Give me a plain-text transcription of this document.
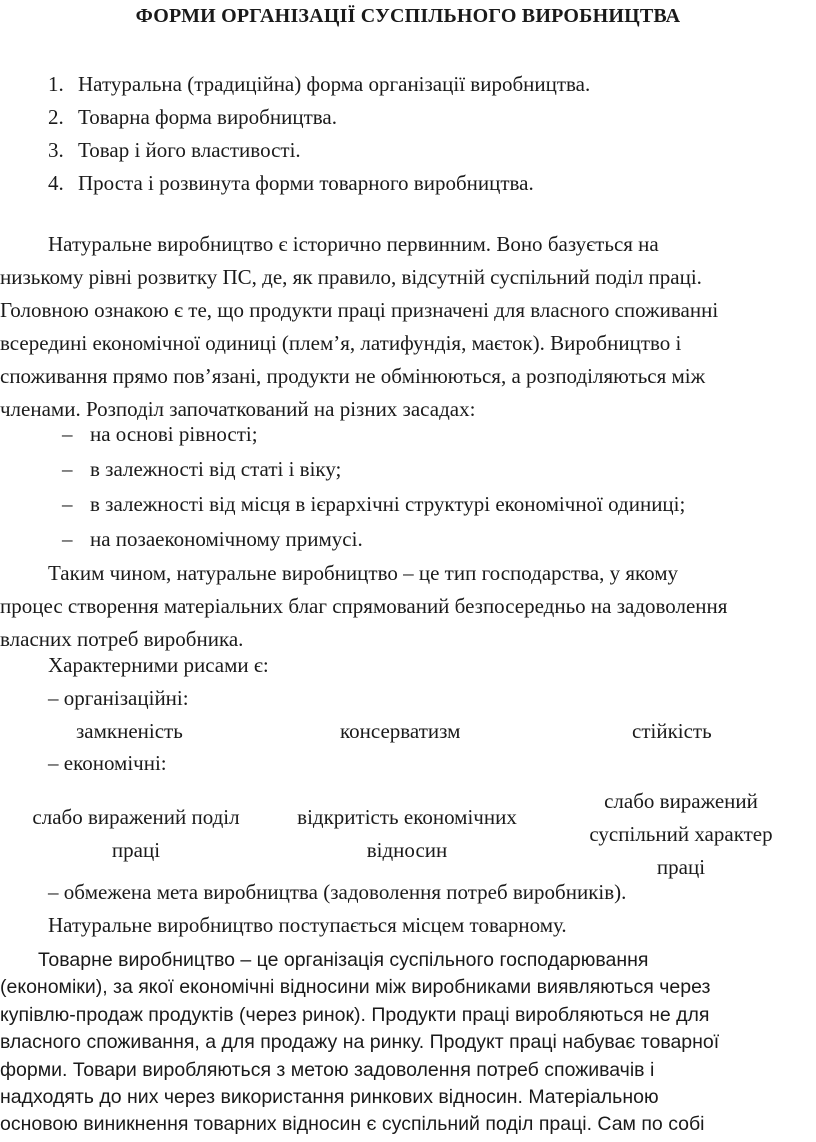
ФОРМИ ОРГАНІЗАЦІЇ СУСПІЛЬНОГО ВИРОБНИЦТВА
1. Натуральна (традиційна) форма організації виробництва.
2. Товарна форма виробництва.
3. Товар і його властивості.
4. Проста і розвинута форми товарного виробництва.
Натуральне виробництво є історично первинним. Воно базується на
низькому рівні розвитку ПС, де, як правило, відсутній суспільний поділ праці.
Головною ознакою є те, що продукти праці призначені для власного споживанні
всередині економічної одиниці (плем’я, латифундія, маєток). Виробництво і
споживання прямо пов’язані, продукти не обмінюються, а розподіляються між
членами. Розподіл започаткований на різних засадах:
– на основі рівності;
– в залежності від статі і віку;
– в залежності від місця в ієрархічні структурі економічної одиниці;
– на позаекономічному примусі.
Таким чином, натуральне виробництво – це тип господарства, у якому
процес створення матеріальних благ спрямований безпосередньо на задоволення
власних потреб виробника.
Характерними рисами є:
– організаційні:
замкненість	консерватизм	стійкість
– економічні:
слабо виражений поділ
праці
відкритість економічних
відносин
слабо виражений
суспільний характер
праці
– обмежена мета виробництва (задоволення потреб виробників).
Натуральне виробництво поступається місцем товарному.
Товарне виробництво – це організація суспільного господарювання
(економіки), за якої економічні відносини між виробниками виявляються через
купівлю-продаж продуктів (через ринок). Продукти праці виробляються не для
власного споживання, а для продажу на ринку. Продукт праці набуває товарної
форми. Товари виробляються з метою задоволення потреб споживачів і
надходять до них через використання ринкових відносин. Матеріальною
основою виникнення товарних відносин є суспільний поділ праці. Сам по собі
